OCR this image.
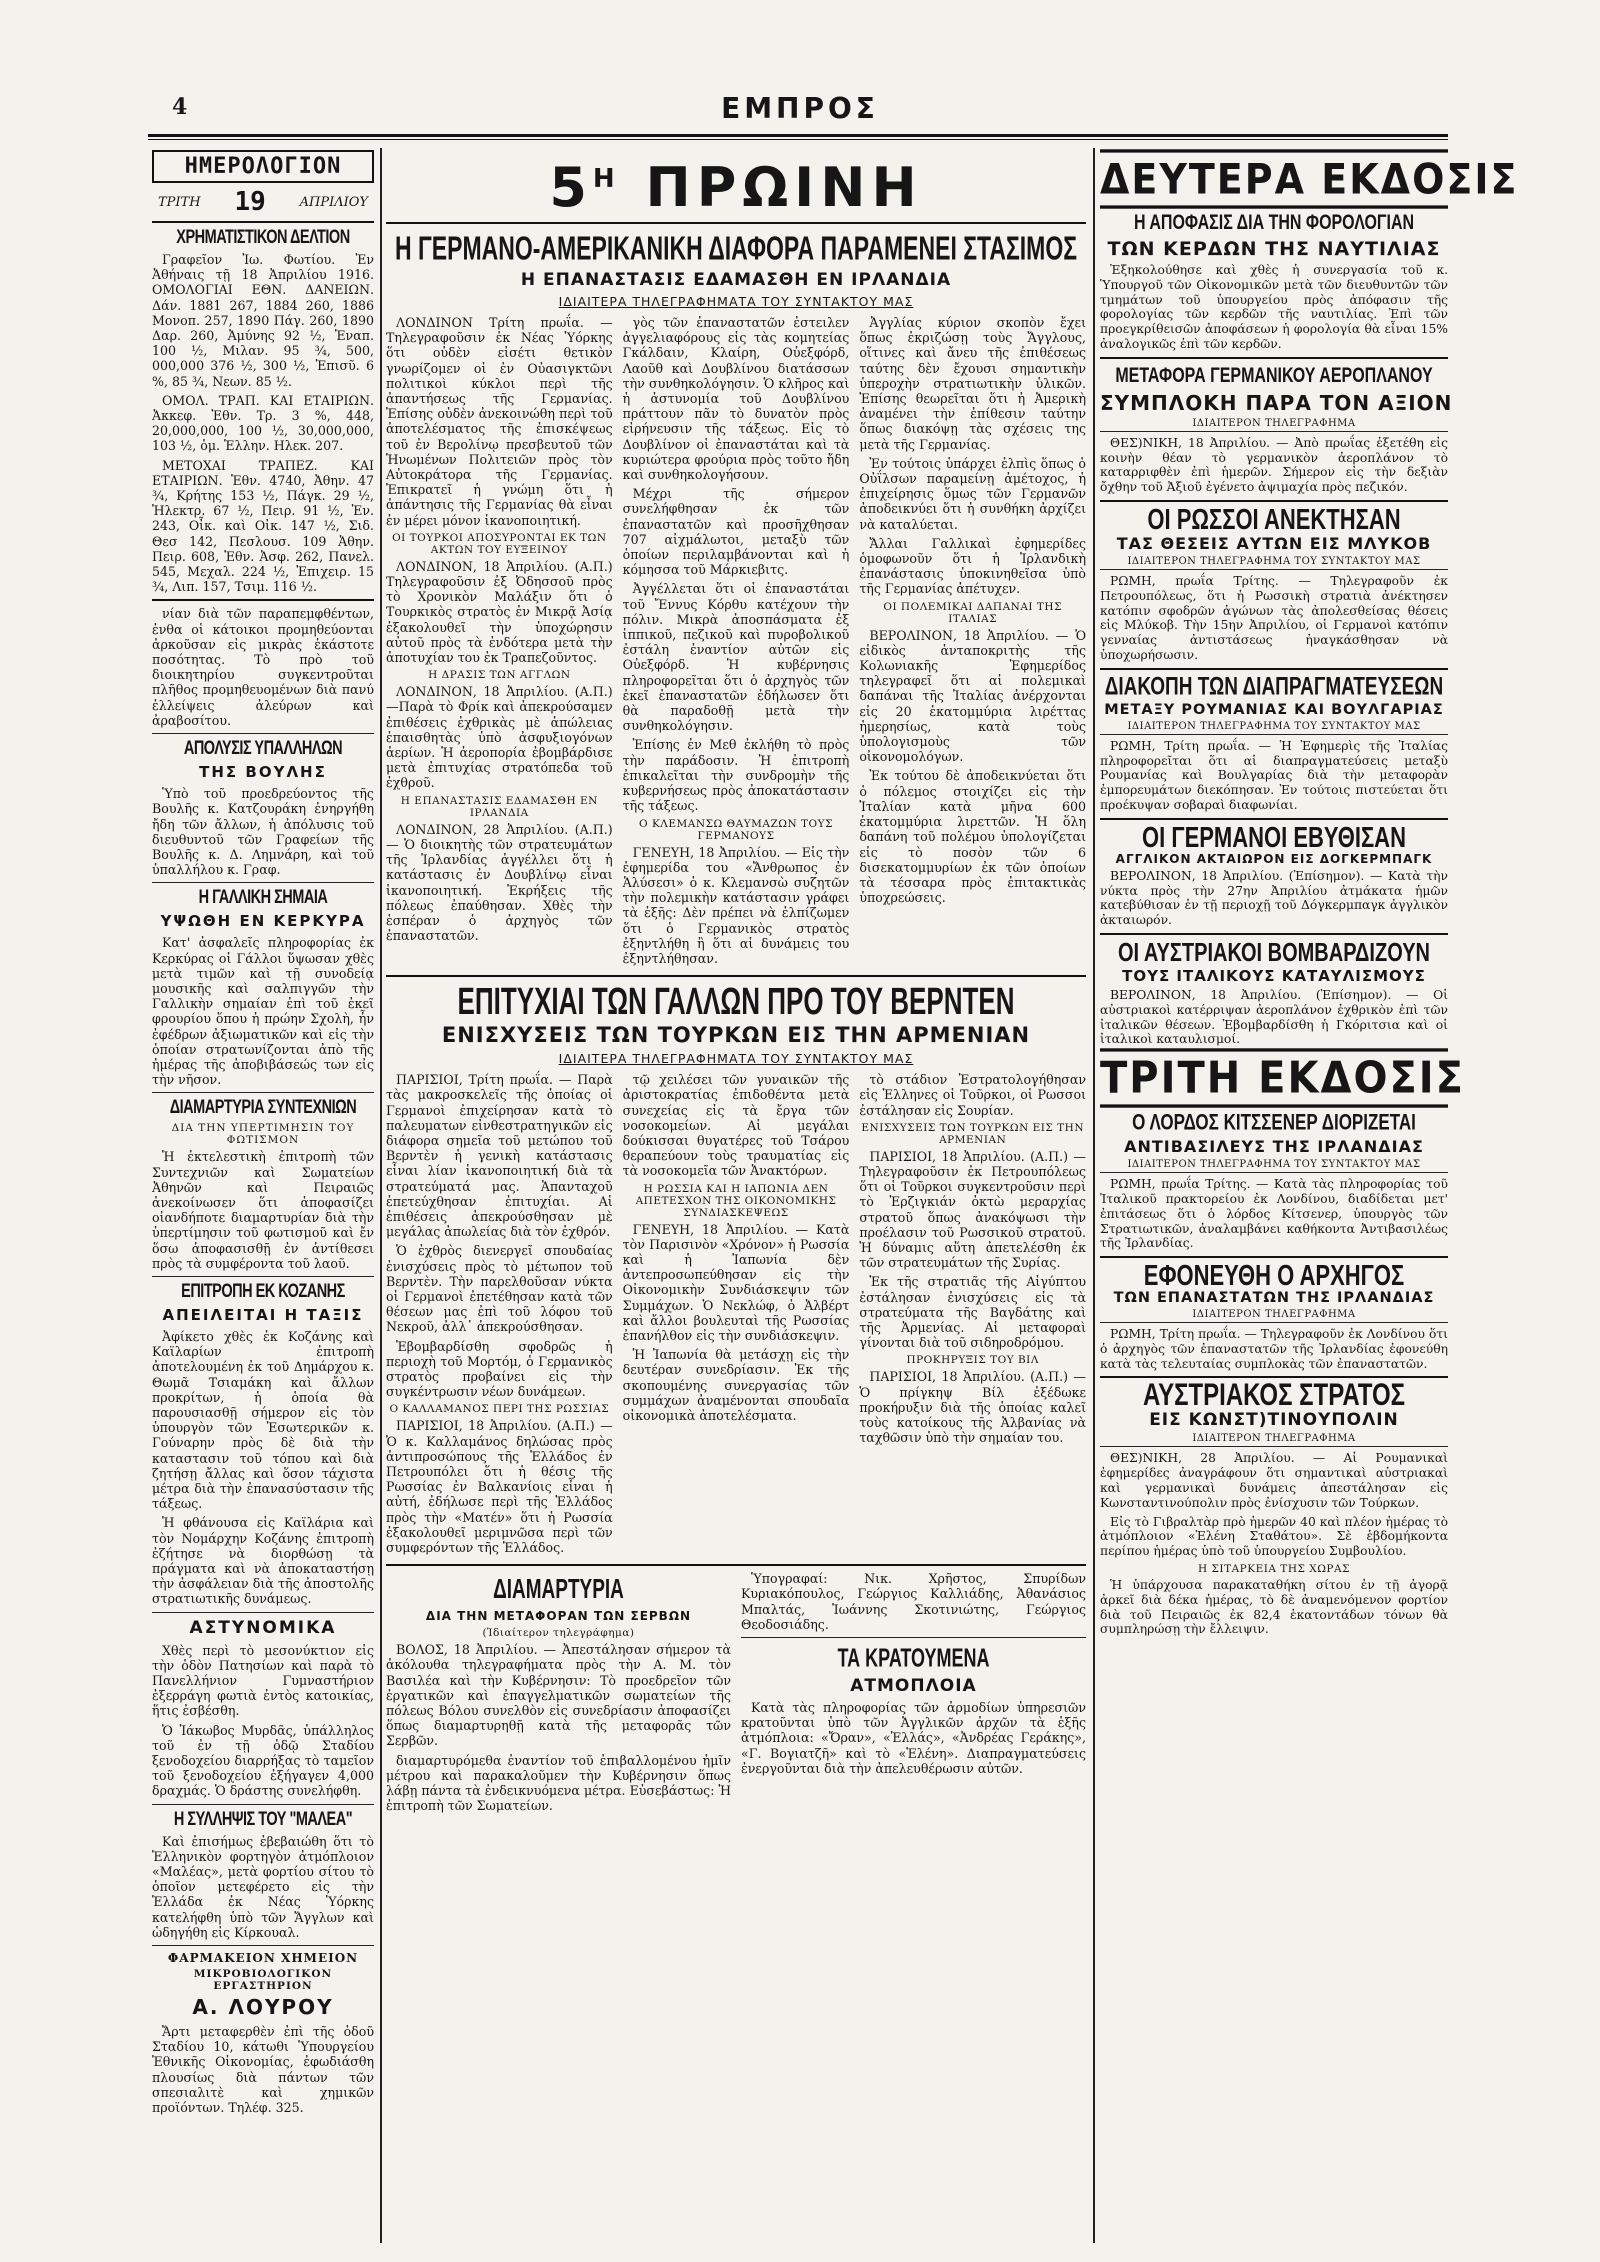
4	ΕΜΠΡΟΣ
ΗΜΕΡΟΛΟΓΙΟΝ
ΤΡΙΤΗ 19	ΑΠΡΙΛΙΟΥ
ΧΡΗΜΑΤΙΣΤΙΚΟΝ ΔΕΛΤΙΟΝ

Γραφεῖον Ἰω. Φωτίου. Ἐν Ἀθήναις τῇ 18 Ἀπριλίου 1916. ΟΜΟΛΟΓΙΑΙ ΕΘΝ. ΔΑΝΕΙΩΝ. Δάν. 1881 267, 1884 260, 1886 Μονοπ. 257, 1890 Πάγ. 260, 1890 Δαρ. 260, Ἀμύνης 92 ½, Ἐναπ. 100 ½, Μιλαν. 95 ¾, 500, 000,000 376 ½, 300 ½, Ἐπισῦ. 6 %, 85 ¾, Νεων. 85 ½.

ΟΜΟΛ. ΤΡΑΠ. ΚΑΙ ΕΤΑΙΡΙΩΝ. Ἀκκεφ. Ἐθν. Τρ. 3 %, 448, 20,000,000, 100 ½, 30,000,000, 103 ½, ὁμ. Ἑλλην. Ηλεκ. 207.

ΜΕΤΟΧΑΙ ΤΡΑΠΕΖ. ΚΑΙ ΕΤΑΙΡΙΩΝ. Ἐθν. 4740, Ἀθην. 47 ¾, Κρήτης 153 ½, Πάγκ. 29 ½, Ἠλεκτρ. 67 ½, Πειρ. 91 ½, Ἐν. 243, Οἶκ. καὶ Οἰκ. 147 ½, Σιδ. Θεσ 142, Πεσλουσ. 109 Ἀθην. Πειρ. 608, Ἐθν. Ἀσφ. 262, Πανελ. 545, Μεχαλ. 224 ½, Ἐπιχειρ. 15 ¾, Λιπ. 157, Τσιμ. 116 ½.

νίαν διὰ τῶν παραπεμφθέντων, ἐνθα οἱ κάτοικοι προμηθεύονται ἀρκοῦσαν εἰς μικρὰς ἑκάστοτε ποσότητας. Τὸ πρὸ τοῦ διοικητηρίου συγκεντροῦται πλῆθος προμηθευομένων διὰ πανύ ἐλλείψεις ἀλεύρων καὶ ἀραβοσίτου.

ΑΠΟΛΥΣΙΣ ΥΠΑΛΛΗΛΩΝ
ΤΗΣ ΒΟΥΛΗΣ

Ὑπὸ τοῦ προεδρεύοντος τῆς Βουλῆς κ. Κατζουράκη ἐνηργήθη ἤδη τῶν ἄλλων, ἡ ἀπόλυσις τοῦ διευθυντοῦ τῶν Γραφείων τῆς Βουλῆς κ. Δ. Λημνάρη, καὶ τοῦ ὑπαλλήλου κ. Γραφ.

Η ΓΑΛΛΙΚΗ ΣΗΜΑΙΑ
ΥΨΩΘΗ ΕΝ ΚΕΡΚΥΡΑ

Κατ' ἀσφαλεῖς πληροφορίας ἐκ Κερκύρας οἱ Γάλλοι ὕψωσαν χθὲς μετὰ τιμῶν καὶ τῇ συνοδείᾳ μουσικῆς καὶ σαλπιγγῶν τὴν Γαλλικὴν σημαίαν ἐπὶ τοῦ ἐκεῖ φρουρίου ὅπου ἡ πρώην Σχολὴ, ἦν ἐφέδρων ἀξιωματικῶν καὶ εἰς τὴν ὁποίαν στρατωνίζονται ἀπὸ τῆς ἡμέρας τῆς ἀποβιβάσεώς των εἰς τὴν νῆσον.

ΔΙΑΜΑΡΤΥΡΙΑ ΣΥΝΤΕΧΝΙΩΝ
ΔΙΑ ΤΗΝ ΥΠΕΡΤΙΜΗΣΙΝ ΤΟΥ ΦΩΤΙΣΜΟΝ

Ἡ ἐκτελεστικὴ ἐπιτροπὴ τῶν Συντεχνιῶν καὶ Σωματείων Ἀθηνῶν καὶ Πειραιῶς ἀνεκοίνωσεν ὅτι ἀποφασίζει οἰανδήποτε διαμαρτυρίαν διὰ τὴν ὑπερτίμησιν τοῦ φωτισμοῦ καὶ ἔν ὅσω ἀποφασισθῇ ἐν ἀντίθεσει πρὸς τὰ συμφέροντα τοῦ λαοῦ.

ΕΠΙΤΡΟΠΗ ΕΚ ΚΟΖΑΝΗΣ
ΑΠΕΙΛΕΙΤΑΙ Η ΤΑΞΙΣ

Ἀφίκετο χθὲς ἐκ Κοζάνης καὶ Καϊλαρίων ἐπιτροπὴ ἀποτελουμένη ἐκ τοῦ Δημάρχου κ. Θωμᾶ Τσιαμάκη καὶ ἄλλων προκρίτων, ἡ ὁποία θὰ παρουσιασθῇ σήμερον εἰς τὸν ὑπουργὸν τῶν Ἐσωτερικῶν κ. Γούναρην πρὸς δὲ διὰ τὴν καταστασιν τοῦ τόπου καὶ διὰ ζητήσῃ ἄλλας καὶ ὅσον τάχιστα μέτρα διὰ τὴν ἐπανασύστασιν τῆς τάξεως.

Ἡ φθάνουσα εἰς Καϊλάρια καὶ τὸν Νομάρχην Κοζάνης ἐπιτροπὴ ἐζήτησε νὰ διορθώσῃ τὰ πράγματα καὶ νὰ ἀποκαταστήσῃ τὴν ἀσφάλειαν διὰ τῆς ἀποστολῆς στρατιωτικῆς δυνάμεως.

ΑΣΤΥΝΟΜΙΚΑ

Χθὲς περὶ τὸ μεσονύκτιον εἰς τὴν ὁδὸν Πατησίων καὶ παρὰ τὸ Πανελλήνιον Γυμναστήριον ἐξερράγη φωτιὰ ἐντὸς κατοικίας, ἥτις ἐσβέσθη.

Ὁ Ἰάκωβος Μυρδᾶς, ὑπάλληλος τοῦ ἐν τῇ ὁδῷ Σταδίου ξενοδοχείου διαρρήξας τὸ ταμεῖον τοῦ ξενοδοχείου ἐξήγαγεν 4,000 δραχμάς. Ὁ δράστης συνελήφθη.

Η ΣΥΛΛΗΨΙΣ ΤΟΥ "ΜΑΛΕΑ"

Καὶ ἐπισήμως ἐβεβαιώθη ὅτι τὸ Ἑλληνικὸν φορτηγὸν ἀτμόπλοιον «Μαλέας», μετὰ φορτίου σίτου τὸ ὁποῖον μετεφέρετο εἰς τὴν Ἑλλάδα ἐκ Νέας Ὑόρκης κατελήφθη ὑπὸ τῶν Ἄγγλων καὶ ὡδηγήθη εἰς Κίρκουαλ.

ΦΑΡΜΑΚΕΙΟΝ ΧΗΜΕΙΟΝ
ΜΙΚΡΟΒΙΟΛΟΓΙΚΟΝ ΕΡΓΑΣΤΗΡΙΟΝ
Α. ΛΟΥΡΟΥ

Ἄρτι μεταφερθὲν ἐπὶ τῆς ὁδοῦ Σταδίου 10, κάτωθι Ὑπουργείου Ἐθνικῆς Οἰκονομίας, ἐφωδιάσθη πλουσίως διὰ πάντων τῶν σπεσιαλιτὲ καὶ χημικῶν προϊόντων. Τηλέφ. 325.

$5^H$ ΠΡΩΙΝΗ
Η ΓΕΡΜΑΝΟ-ΑΜΕΡΙΚΑΝΙΚΗ ΔΙΑΦΟΡΑ ΠΑΡΑΜΕΝΕΙ ΣΤΑΣΙΜΟΣ
Η ΕΠΑΝΑΣΤΑΣΙΣ ΕΔΑΜΑΣΘΗ ΕΝ ΙΡΛΑΝΔΙΑ
ΙΔΙΑΙΤΕΡΑ ΤΗΛΕΓΡΑΦΗΜΑΤΑ ΤΟΥ ΣΥΝΤΑΚΤΟΥ ΜΑΣ

ΛΟΝΔΙΝΟΝ Τρίτη πρωΐα. — Τηλεγραφοῦσιν ἐκ Νέας Ὑόρκης ὅτι οὐδὲν εἰσέτι θετικὸν γνωρίζομεν οἱ ἐν Οὐασιγκτῶνι πολιτικοὶ κύκλοι περὶ τῆς ἀπαντήσεως τῆς Γερμανίας. Ἐπίσης οὐδὲν ἀνεκοινώθη περὶ τοῦ ἀποτελέσματος τῆς ἐπισκέψεως τοῦ ἐν Βερολίνῳ πρεσβευτοῦ τῶν Ἡνωμένων Πολιτειῶν πρὸς τὸν Αὐτοκράτορα τῆς Γερμανίας. Ἐπικρατεῖ ἡ γνώμη ὅτι ἡ ἀπάντησις τῆς Γερμανίας θὰ εἶναι ἐν μέρει μόνον ἱκανοποιητική.

ΟΙ ΤΟΥΡΚΟΙ ΑΠΟΣΥΡΟΝΤΑΙ ΕΚ ΤΩΝ ΑΚΤΩΝ ΤΟΥ ΕΥΞΕΙΝΟΥ

ΛΟΝΔΙΝΟΝ, 18 Ἀπριλίου. (Α.Π.) Τηλεγραφοῦσιν ἐξ Ὀδησσοῦ πρὸς τὸ Χρονικὸν Μαλάξιν ὅτι ὁ Τουρκικὸς στρατὸς ἐν Μικρᾷ Ἀσίᾳ ἐξακολουθεῖ τὴν ὑποχώρησιν αὐτοῦ πρὸς τὰ ἐνδότερα μετὰ τὴν ἀποτυχίαν του ἐκ Τραπεζοῦντος.

Η ΔΡΑΣΙΣ ΤΩΝ ΑΓΓΛΩΝ

ΛΟΝΔΙΝΟΝ, 18 Ἀπριλίου. (Α.Π.)—Παρὰ τὸ Φρίκ καὶ ἀπεκρούσαμεν ἐπιθέσεις ἐχθρικὰς μὲ ἀπώλειας ἐπαισθητὰς ὑπὸ ἀσφυξιογόνων ἀερίων. Ἡ ἀεροπορία ἐβομβάρδισε μετὰ ἐπιτυχίας στρατόπεδα τοῦ ἐχθροῦ.

Η ΕΠΑΝΑΣΤΑΣΙΣ ΕΔΑΜΑΣΘΗ ΕΝ ΙΡΛΑΝΔΙΑ

ΛΟΝΔΙΝΟΝ, 28 Ἀπριλίου. (Α.Π.) — Ὁ διοικητὴς τῶν στρατευμάτων τῆς Ἰρλανδίας ἀγγέλλει ὅτι ἡ κατάστασις ἐν Δουβλίνῳ εἶναι ἱκανοποιητική. Ἐκρήξεις τῆς πόλεως ἐπαύθησαν. Χθὲς τὴν ἑσπέραν ὁ ἀρχηγὸς τῶν ἐπαναστατῶν.

γὸς τῶν ἐπαναστατῶν ἐστειλεν ἀγγελιαφόρους εἰς τὰς κομητείας Γκάλδαιν, Κλαίρη, Οὐεξφόρδ, Λαοῦθ καὶ Δουβλίνου διατάσσων τὴν συνθηκολόγησιν. Ὁ κλῆρος καὶ ἡ ἀστυνομία τοῦ Δουβλίνου πράττουν πᾶν τὸ δυνατὸν πρὸς εἰρήνευσιν τῆς τάξεως. Εἰς τὸ Δουβλίνον οἱ ἐπαναστάται καὶ τὰ κυριώτερα φρούρια πρὸς τοῦτο ἤδη καὶ συνθηκολογήσουν.

Μέχρι τῆς σήμερον συνελήφθησαν ἐκ τῶν ἐπαναστατῶν καὶ προσῆχθησαν 707 αἰχμάλωτοι, μεταξὺ τῶν ὁποίων περιλαμβάνονται καὶ ἡ κόμησσα τοῦ Μάρκιεβιτς.

Ἀγγέλλεται ὅτι οἱ ἐπαναστάται τοῦ Ἔννυς Κόρθυ κατέχουν τὴν πόλιν. Μικρὰ ἀποσπάσματα ἐξ ἱππικοῦ, πεζικοῦ καὶ πυροβολικοῦ ἐστάλη ἐναντίον αὐτῶν εἰς Οὐεξφόρδ. Ἡ κυβέρνησις πληροφορεῖται ὅτι ὁ ἀρχηγὸς τῶν ἐκεῖ ἐπαναστατῶν ἐδήλωσεν ὅτι θὰ παραδοθῇ μετὰ τὴν συνθηκολόγησιν.

Ἐπίσης ἐν Μεθ ἐκλήθη τὸ πρὸς τὴν παράδοσιν. Ἡ ἐπιτροπὴ ἐπικαλεῖται τὴν συνδρομὴν τῆς κυβερνήσεως πρὸς ἀποκατάστασιν τῆς τάξεως.

Ο ΚΛΕΜΑΝΣΩ ΘΑΥΜΑΖΩΝ ΤΟΥΣ ΓΕΡΜΑΝΟΥΣ

ΓΕΝΕΥΗ, 18 Ἀπριλίου. — Εἰς τὴν ἐφημερίδα του «Ἄνθρωπος ἐν Ἁλύσεσι» ὁ κ. Κλεμανσὼ συζητῶν τὴν πολεμικὴν κατάστασιν γράφει τὰ ἑξῆς: Δὲν πρέπει νὰ ἐλπίζωμεν ὅτι ὁ Γερμανικὸς στρατὸς ἐξηντλήθη ἢ ὅτι αἱ δυνάμεις του ἐξηντλήθησαν.

Ἀγγλίας κύριον σκοπὸν ἔχει ὅπως ἐκριζώσῃ τοὺς Ἄγγλους, οἵτινες καὶ ἄνευ τῆς ἐπιθέσεως ταύτης δὲν ἔχουσι σημαντικὴν ὑπεροχὴν στρατιωτικὴν ὑλικῶν. Ἐπίσης θεωρεῖται ὅτι ἡ Ἀμερικὴ ἀναμένει τὴν ἐπίθεσιν ταύτην ὅπως διακόψῃ τὰς σχέσεις της μετὰ τῆς Γερμανίας.

Ἐν τούτοις ὑπάρχει ἐλπὶς ὅπως ὁ Οὐΐλσων παραμείνῃ ἀμέτοχος, ἡ ἐπιχείρησις ὅμως τῶν Γερμανῶν ἀποδεικνύει ὅτι ἡ συνθήκη ἀρχίζει νὰ καταλύεται.

Ἄλλαι Γαλλικαὶ ἐφημερίδες ὁμοφωνοῦν ὅτι ἡ Ἰρλανδικὴ ἐπανάστασις ὑποκινηθεῖσα ὑπὸ τῆς Γερμανίας ἀπέτυχεν.

ΟΙ ΠΟΛΕΜΙΚΑΙ ΔΑΠΑΝΑΙ ΤΗΣ ΙΤΑΛΙΑΣ

ΒΕΡΟΛΙΝΟΝ, 18 Ἀπριλίου. — Ὁ εἰδικὸς ἀνταποκριτὴς τῆς Κολωνιακῆς Ἐφημερίδος τηλεγραφεῖ ὅτι αἱ πολεμικαὶ δαπάναι τῆς Ἰταλίας ἀνέρχονται εἰς 20 ἑκατομμύρια λιρέττας ἡμερησίως, κατὰ τοὺς ὑπολογισμοὺς τῶν οἰκονομολόγων.

Ἐκ τούτου δὲ ἀποδεικνύεται ὅτι ὁ πόλεμος στοιχίζει εἰς τὴν Ἰταλίαν κατὰ μῆνα 600 ἑκατομμύρια λιρεττῶν. Ἡ ὅλη δαπάνη τοῦ πολέμου ὑπολογίζεται εἰς τὸ ποσὸν τῶν 6 δισεκατομμυρίων ἐκ τῶν ὁποίων τὰ τέσσαρα πρὸς ἐπιτακτικὰς ὑποχρεώσεις.

ΕΠΙΤΥΧΙΑΙ ΤΩΝ ΓΑΛΛΩΝ ΠΡΟ ΤΟΥ ΒΕΡΝΤΕΝ
ΕΝΙΣΧΥΣΕΙΣ ΤΩΝ ΤΟΥΡΚΩΝ ΕΙΣ ΤΗΝ ΑΡΜΕΝΙΑΝ
ΙΔΙΑΙΤΕΡΑ ΤΗΛΕΓΡΑΦΗΜΑΤΑ ΤΟΥ ΣΥΝΤΑΚΤΟΥ ΜΑΣ

ΠΑΡΙΣΙΟΙ, Τρίτη πρωΐα. — Παρὰ τὰς μακροσκελεῖς τῆς ὁποίας οἱ Γερμανοὶ ἐπιχείρησαν κατὰ τὸ παλευματων εἰνθεστρατηγικῶν εἰς διάφορα σημεῖα τοῦ μετώπου τοῦ Βερντὲν ἡ γενικὴ κατάστασις εἶναι λίαν ἱκανοποιητική διὰ τὰ στρατεύματά μας. Ἁπανταχοῦ ἐπετεύχθησαν ἐπιτυχίαι. Αἱ ἐπιθέσεις ἀπεκρούσθησαν μὲ μεγάλας ἀπωλείας διὰ τὸν ἐχθρόν.

Ὁ ἐχθρὸς διενεργεῖ σπουδαίας ἐνισχύσεις πρὸς τὸ μέτωπον τοῦ Βερντὲν. Τὴν παρελθοῦσαν νύκτα οἱ Γερμανοὶ ἐπετέθησαν κατὰ τῶν θέσεων μας ἐπὶ τοῦ λόφου τοῦ Νεκροῦ, ἀλλ᾽ ἀπεκρούσθησαν.

Ἐβομβαρδίσθη σφοδρῶς ἡ περιοχὴ τοῦ Μορτόμ, ὁ Γερμανικὸς στρατὸς προβαίνει εἰς τὴν συγκέντρωσιν νέων δυνάμεων.

Ο ΚΑΛΛΑΜΑΝΟΣ ΠΕΡΙ ΤΗΣ ΡΩΣΣΙΑΣ

ΠΑΡΙΣΙΟΙ, 18 Ἀπριλίου. (Α.Π.) — Ὁ κ. Καλλαμάνος δηλώσας πρὸς ἀντιπροσώπους τῆς Ἑλλάδος ἐν Πετρουπόλει ὅτι ἡ θέσις τῆς Ρωσσίας ἐν Βαλκανίοις εἶναι ἡ αὐτή, ἐδήλωσε περὶ τῆς Ἑλλάδος πρὸς τὴν «Ματέν» ὅτι ἡ Ρωσσία ἐξακολουθεῖ μεριμνῶσα περὶ τῶν συμφερόντων τῆς Ἑλλάδος.

τῷ χειλέσει τῶν γυναικῶν τῆς ἀριστοκρατίας ἐπιδοθέντα μετὰ συνεχείας εἰς τὰ ἔργα τῶν νοσοκομείων. Αἱ μεγάλαι δούκισσαι θυγατέρες τοῦ Τσάρου θεραπεύουν τοὺς τραυματίας εἰς τὰ νοσοκομεῖα τῶν Ἀνακτόρων.

Η ΡΩΣΣΙΑ ΚΑΙ Η ΙΑΠΩΝΙΑ ΔΕΝ ΑΠΕΤΕΣΧΟΝ ΤΗΣ ΟΙΚΟΝΟΜΙΚΗΣ ΣΥΝΔΙΑΣΚΕΨΕΩΣ

ΓΕΝΕΥΗ, 18 Ἀπριλίου. — Κατὰ τὸν Παρισινὸν «Χρόνον» ἡ Ρωσσία καὶ ἡ Ἰαπωνία δὲν ἀντεπροσωπεύθησαν εἰς τὴν Οἰκονομικὴν Συνδιάσκεψιν τῶν Συμμάχων. Ὁ Νεκλώφ, ὁ Ἀλβέρτ καὶ ἄλλοι βουλευταὶ τῆς Ρωσσίας ἐπανήλθον εἰς τὴν συνδιάσκεψιν.

Ἡ Ἰαπωνία θὰ μετάσχῃ εἰς τὴν δευτέραν συνεδρίασιν. Ἐκ τῆς σκοπουμένης συνεργασίας τῶν συμμάχων ἀναμένονται σπουδαῖα οἰκονομικὰ ἀποτελέσματα.

τὸ στάδιον Ἐστρατολογήθησαν εἰς Ἑλληνες οἱ Τοῦρκοι, οἱ Ρωσσοι ἐστάλησαν εἰς Σουρίαν.

ΕΝΙΣΧΥΣΕΙΣ ΤΩΝ ΤΟΥΡΚΩΝ ΕΙΣ ΤΗΝ ΑΡΜΕΝΙΑΝ

ΠΑΡΙΣΙΟΙ, 18 Ἀπριλίου. (Α.Π.) — Τηλεγραφοῦσιν ἐκ Πετρουπόλεως ὅτι οἱ Τοῦρκοι συγκεντροῦσιν περὶ τὸ Ἐρζιγκιάν ὀκτὼ μεραρχίας στρατοῦ ὅπως ἀνακόψωσι τὴν προέλασιν τοῦ Ρωσσικοῦ στρατοῦ. Ἡ δύναμις αὕτη ἀπετελέσθη ἐκ τῶν στρατευμάτων τῆς Συρίας.

Ἐκ τῆς στρατιᾶς τῆς Αἰγύπτου ἐστάλησαν ἐνισχύσεις εἰς τὰ στρατεύματα τῆς Βαγδάτης καὶ τῆς Ἀρμενίας. Αἱ μεταφοραὶ γίνονται διὰ τοῦ σιδηροδρόμου.

ΠΡΟΚΗΡΥΞΙΣ ΤΟΥ ΒΙΛ

ΠΑΡΙΣΙΟΙ, 18 Ἀπριλίου. (Α.Π.) — Ὁ πρίγκηψ Βίλ ἐξέδωκε προκήρυξιν διὰ τῆς ὁποίας καλεῖ τοὺς κατοίκους τῆς Ἀλβανίας νὰ ταχθῶσιν ὑπὸ τὴν σημαίαν του.

ΔΙΑΜΑΡΤΥΡΙΑ
ΔΙΑ ΤΗΝ ΜΕΤΑΦΟΡΑΝ ΤΩΝ ΣΕΡΒΩΝ
(Ἰδιαίτερον τηλεγράφημα)

ΒΟΛΟΣ, 18 Ἀπριλίου. — Ἀπεστάλησαν σήμερον τὰ ἀκόλουθα τηλεγραφήματα πρὸς τὴν Α. Μ. τὸν Βασιλέα καὶ τὴν Κυβέρνησιν: Τὸ προεδρεῖον τῶν ἐργατικῶν καὶ ἐπαγγελματικῶν σωματείων τῆς πόλεως Βόλου συνελθὸν εἰς συνεδρίασιν ἀποφασίζει ὅπως διαμαρτυρηθῇ κατὰ τῆς μεταφορᾶς τῶν Σερβῶν.

διαμαρτυρόμεθα ἐναντίον τοῦ ἐπιβαλλομένου ἡμῖν μέτρου καὶ παρακαλοῦμεν τὴν Κυβέρνησιν ὅπως λάβῃ πάντα τὰ ἐνδεικνυόμενα μέτρα. Εὐσεβάστως: Ἡ ἐπιτροπὴ τῶν Σωματείων.

Ὑπογραφαί: Νικ. Χρῆστος, Σπυρίδων Κυριακόπουλος, Γεώργιος Καλλιάδης, Ἀθανάσιος Μπαλτάς, Ἰωάννης Σκοτινιώτης, Γεώργιος Θεοδοσιάδης.

ΤΑ ΚΡΑΤΟΥΜΕΝΑ
ΑΤΜΟΠΛΟΙΑ

Κατὰ τὰς πληροφορίας τῶν ἀρμοδίων ὑπηρεσιῶν κρατοῦνται ὑπὸ τῶν Ἀγγλικῶν ἀρχῶν τὰ ἑξῆς ἀτμόπλοια: «Ὄραν», «Ἐλλάς», «Ἀνδρέας Γεράκης», «Γ. Βογιατζῆ» καὶ τὸ «Ἑλένη». Διαπραγματεύσεις ἐνεργοῦνται διὰ τὴν ἀπελευθέρωσιν αὐτῶν.

ΔΕΥΤΕΡΑ ΕΚΔΟΣΙΣ
Η ΑΠΟΦΑΣΙΣ ΔΙΑ ΤΗΝ ΦΟΡΟΛΟΓΙΑΝ
ΤΩΝ ΚΕΡΔΩΝ ΤΗΣ ΝΑΥΤΙΛΙΑΣ

Ἐξηκολούθησε καὶ χθὲς ἡ συνεργασία τοῦ κ. Ὑπουργοῦ τῶν Οἰκονομικῶν μετὰ τῶν διευθυντῶν τῶν τμημάτων τοῦ ὑπουργείου πρὸς ἀπόφασιν τῆς φορολογίας τῶν κερδῶν τῆς ναυτιλίας. Ἐπὶ τῶν προεγκρίθεισῶν ἀποφάσεων ἡ φορολογία θὰ εἶναι 15% ἀναλογικῶς ἐπὶ τῶν κερδῶν.

ΜΕΤΑΦΟΡΑ ΓΕΡΜΑΝΙΚΟΥ ΑΕΡΟΠΛΑΝΟΥ
ΣΥΜΠΛΟΚΗ ΠΑΡΑ ΤΟΝ ΑΞΙΟΝ
ΙΔΙΑΙΤΕΡΟΝ ΤΗΛΕΓΡΑΦΗΜΑ

ΘΕΣ)ΝΙΚΗ, 18 Ἀπριλίου. — Ἀπὸ πρωΐας ἐξετέθη εἰς κοινὴν θέαν τὸ γερμανικὸν ἀεροπλάνον τὸ καταρριφθὲν ἐπὶ ἡμερῶν. Σήμερον εἰς τὴν δεξιὰν ὄχθην τοῦ Ἀξιοῦ ἐγένετο ἀψιμαχία πρὸς πεζικόν.

ΟΙ ΡΩΣΣΟΙ ΑΝΕΚΤΗΣΑΝ
ΤΑΣ ΘΕΣΕΙΣ ΑΥΤΩΝ ΕΙΣ ΜΛΥΚΟΒ
ΙΔΙΑΙΤΕΡΟΝ ΤΗΛΕΓΡΑΦΗΜΑ ΤΟΥ ΣΥΝΤΑΚΤΟΥ ΜΑΣ

ΡΩΜΗ, πρωΐα Τρίτης. — Τηλεγραφοῦν ἐκ Πετρουπόλεως, ὅτι ἡ Ρωσσικὴ στρατιὰ ἀνέκτησεν κατόπιν σφοδρῶν ἀγώνων τὰς ἀπολεσθείσας θέσεις εἰς Μλύκοβ. Τὴν 15ην Ἀπριλίου, οἱ Γερμανοὶ κατόπιν γενναίας ἀντιστάσεως ἠναγκάσθησαν νὰ ὑποχωρήσωσιν.

ΔΙΑΚΟΠΗ ΤΩΝ ΔΙΑΠΡΑΓΜΑΤΕΥΣΕΩΝ
ΜΕΤΑΞΥ ΡΟΥΜΑΝΙΑΣ ΚΑΙ ΒΟΥΛΓΑΡΙΑΣ
ΙΔΙΑΙΤΕΡΟΝ ΤΗΛΕΓΡΑΦΗΜΑ ΤΟΥ ΣΥΝΤΑΚΤΟΥ ΜΑΣ

ΡΩΜΗ, Τρίτη πρωΐα. — Ἡ Ἐφημερὶς τῆς Ἰταλίας πληροφορεῖται ὅτι αἱ διαπραγματεύσεις μεταξὺ Ρουμανίας καὶ Βουλγαρίας διὰ τὴν μεταφορὰν ἐμπορευμάτων διεκόπησαν. Ἐν τούτοις πιστεύεται ὅτι προέκυψαν σοβαραὶ διαφωνίαι.

ΟΙ ΓΕΡΜΑΝΟΙ ΕΒΥΘΙΣΑΝ
ΑΓΓΛΙΚΟΝ ΑΚΤΑΙΩΡΟΝ ΕΙΣ ΔΟΓΚΕΡΜΠΑΓΚ

ΒΕΡΟΛΙΝΟΝ, 18 Ἀπριλίου. (Ἐπίσημον). — Κατὰ τὴν νύκτα πρὸς τὴν 27ην Ἀπριλίου ἀτμάκατα ἡμῶν κατεβύθισαν ἐν τῇ περιοχῇ τοῦ Δόγκερμπαγκ ἀγγλικὸν ἀκταιωρόν.

ΟΙ ΑΥΣΤΡΙΑΚΟΙ ΒΟΜΒΑΡΔΙΖΟΥΝ
ΤΟΥΣ ΙΤΑΛΙΚΟΥΣ ΚΑΤΑΥΛΙΣΜΟΥΣ

ΒΕΡΟΛΙΝΟΝ, 18 Ἀπριλίου. (Ἐπίσημον). — Οἱ αὐστριακοὶ κατέρριψαν ἀεροπλάνον ἐχθρικὸν ἐπὶ τῶν ἰταλικῶν θέσεων. Ἐβομβαρδίσθη ἡ Γκόριτσια καὶ οἱ ἰταλικοὶ καταυλισμοί.

ΤΡΙΤΗ ΕΚΔΟΣΙΣ
Ο ΛΟΡΔΟΣ ΚΙΤΣΣΕΝΕΡ ΔΙΟΡΙΖΕΤΑΙ
ΑΝΤΙΒΑΣΙΛΕΥΣ ΤΗΣ ΙΡΛΑΝΔΙΑΣ
ΙΔΙΑΙΤΕΡΟΝ ΤΗΛΕΓΡΑΦΗΜΑ ΤΟΥ ΣΥΝΤΑΚΤΟΥ ΜΑΣ

ΡΩΜΗ, πρωΐα Τρίτης. — Κατὰ τὰς πληροφορίας τοῦ Ἰταλικοῦ πρακτορείου ἐκ Λονδίνου, διαδίδεται μετ' ἐπιτάσεως ὅτι ὁ λόρδος Κίτσενερ, ὑπουργὸς τῶν Στρατιωτικῶν, ἀναλαμβάνει καθήκοντα Ἀντιβασιλέως τῆς Ἰρλανδίας.

ΕΦΟΝΕΥΘΗ Ο ΑΡΧΗΓΟΣ
ΤΩΝ ΕΠΑΝΑΣΤΑΤΩΝ ΤΗΣ ΙΡΛΑΝΔΙΑΣ
ΙΔΙΑΙΤΕΡΟΝ ΤΗΛΕΓΡΑΦΗΜΑ

ΡΩΜΗ, Τρίτη πρωΐα. — Τηλεγραφοῦν ἐκ Λονδίνου ὅτι ὁ ἀρχηγὸς τῶν ἐπαναστατῶν τῆς Ἰρλανδίας ἐφονεύθη κατὰ τὰς τελευταίας συμπλοκὰς τῶν ἐπαναστατῶν.

ΑΥΣΤΡΙΑΚΟΣ ΣΤΡΑΤΟΣ
ΕΙΣ ΚΩΝΣΤ)ΤΙΝΟΥΠΟΛΙΝ
ΙΔΙΑΙΤΕΡΟΝ ΤΗΛΕΓΡΑΦΗΜΑ

ΘΕΣ)ΝΙΚΗ, 28 Ἀπριλίου. — Αἱ Ρουμανικαὶ ἐφημερίδες ἀναγράφουν ὅτι σημαντικαὶ αὐστριακαὶ καὶ γερμανικαὶ δυνάμεις ἀπεστάλησαν εἰς Κωνσταντινούπολιν πρὸς ἐνίσχυσιν τῶν Τούρκων.

Εἰς τὸ Γιβραλτὰρ πρὸ ἡμερῶν 40 καὶ πλέον ἡμέρας τὸ ἀτμόπλοιον «Ἑλένη Σταθάτου». Σὲ ἑβδομήκοντα περίπου ἡμέρας ὑπὸ τοῦ ὑπουργείου Συμβουλίου.

Η ΣΙΤΑΡΚΕΙΑ ΤΗΣ ΧΩΡΑΣ

Ἡ ὑπάρχουσα παρακαταθήκη σίτου ἐν τῇ ἀγορᾷ ἀρκεῖ διὰ δέκα ἡμέρας, τὸ δὲ ἀναμενόμενον φορτίον διὰ τοῦ Πειραιῶς ἐκ 82,4 ἑκατοντάδων τόνων θὰ συμπληρώσῃ τὴν ἔλλειψιν.
